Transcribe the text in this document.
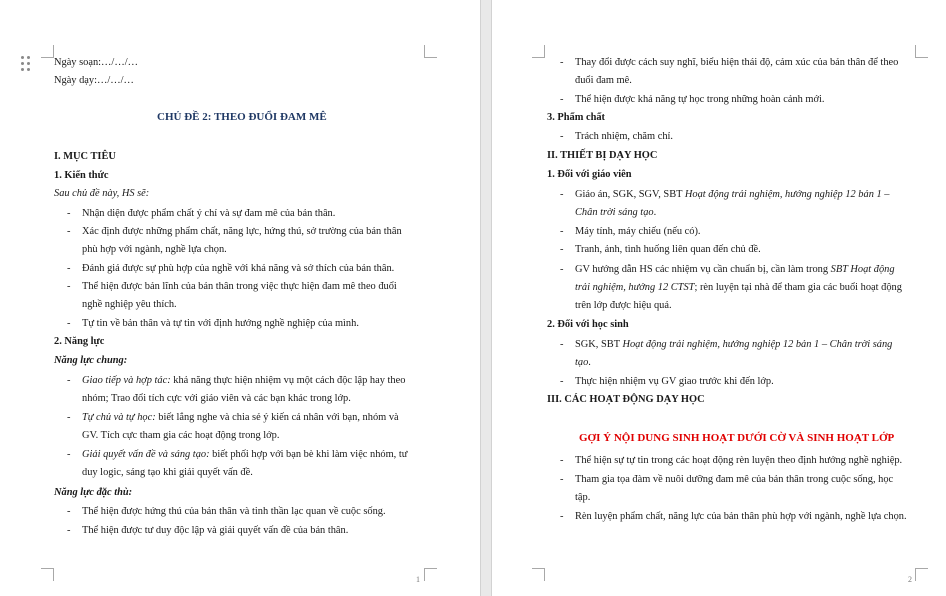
Ngày soạn:…/…/…
Ngày dạy:…/…/…
CHỦ ĐỀ 2: THEO ĐUỔI ĐAM MÊ
I. MỤC TIÊU
1. Kiến thức
Sau chủ đề này, HS sẽ:
- Nhận diện được phẩm chất ý chí và sự đam mê của bản thân.
- Xác định được những phẩm chất, năng lực, hứng thú, sở trường của bản thân
phù hợp với ngành, nghề lựa chọn.
- Đánh giá được sự phù hợp của nghề với khả năng và sở thích của bản thân.
- Thể hiện được bản lĩnh của bản thân trong việc thực hiện đam mê theo đuổi
nghề nghiệp yêu thích.
- Tự tin về bản thân và tự tin với định hướng nghề nghiệp của mình.
2. Năng lực
Năng lực chung:
- Giao tiếp và hợp tác: khả năng thực hiện nhiệm vụ một cách độc lập hay theo
nhóm; Trao đổi tích cực với giáo viên và các bạn khác trong lớp.
- Tự chủ và tự học: biết lắng nghe và chia sẻ ý kiến cá nhân với bạn, nhóm và
GV. Tích cực tham gia các hoạt động trong lớp.
- Giải quyết vấn đề và sáng tạo: biết phối hợp với bạn bè khi làm việc nhóm, tư
duy logic, sáng tạo khi giải quyết vấn đề.
Năng lực đặc thù:
- Thể hiện được hứng thú của bản thân và tinh thần lạc quan về cuộc sống.
- Thể hiện được tư duy độc lập và giải quyết vấn đề của bản thân.
1
- Thay đổi được cách suy nghĩ, biểu hiện thái độ, cảm xúc của bản thân để theo
đuổi đam mê.
- Thể hiện được khả năng tự học trong những hoàn cảnh mới.
3. Phẩm chất
- Trách nhiệm, chăm chỉ.
II. THIẾT BỊ DẠY HỌC
1. Đối với giáo viên
- Giáo án, SGK, SGV, SBT Hoạt động trải nghiệm, hướng nghiệp 12 bản 1 –
Chân trời sáng tạo.
- Máy tính, máy chiếu (nếu có).
- Tranh, ảnh, tình huống liên quan đến chủ đề.
- GV hướng dẫn HS các nhiệm vụ cần chuẩn bị, cần làm trong SBT Hoạt động
trải nghiệm, hướng 12 CTST; rèn luyện tại nhà để tham gia các buổi hoạt động
trên lớp được hiệu quả.
2. Đối với học sinh
- SGK, SBT Hoạt động trải nghiệm, hướng nghiệp 12 bản 1 – Chân trời sáng
tạo.
- Thực hiện nhiệm vụ GV giao trước khi đến lớp.
III. CÁC HOẠT ĐỘNG DẠY HỌC
GỢI Ý NỘI DUNG SINH HOẠT DƯỚI CỜ VÀ SINH HOẠT LỚP
- Thể hiện sự tự tin trong các hoạt động rèn luyện theo định hướng nghề nghiệp.
- Tham gia tọa đàm về nuôi dưỡng đam mê của bản thân trong cuộc sống, học
tập.
- Rèn luyện phẩm chất, năng lực của bản thân phù hợp với ngành, nghề lựa chọn.
2
